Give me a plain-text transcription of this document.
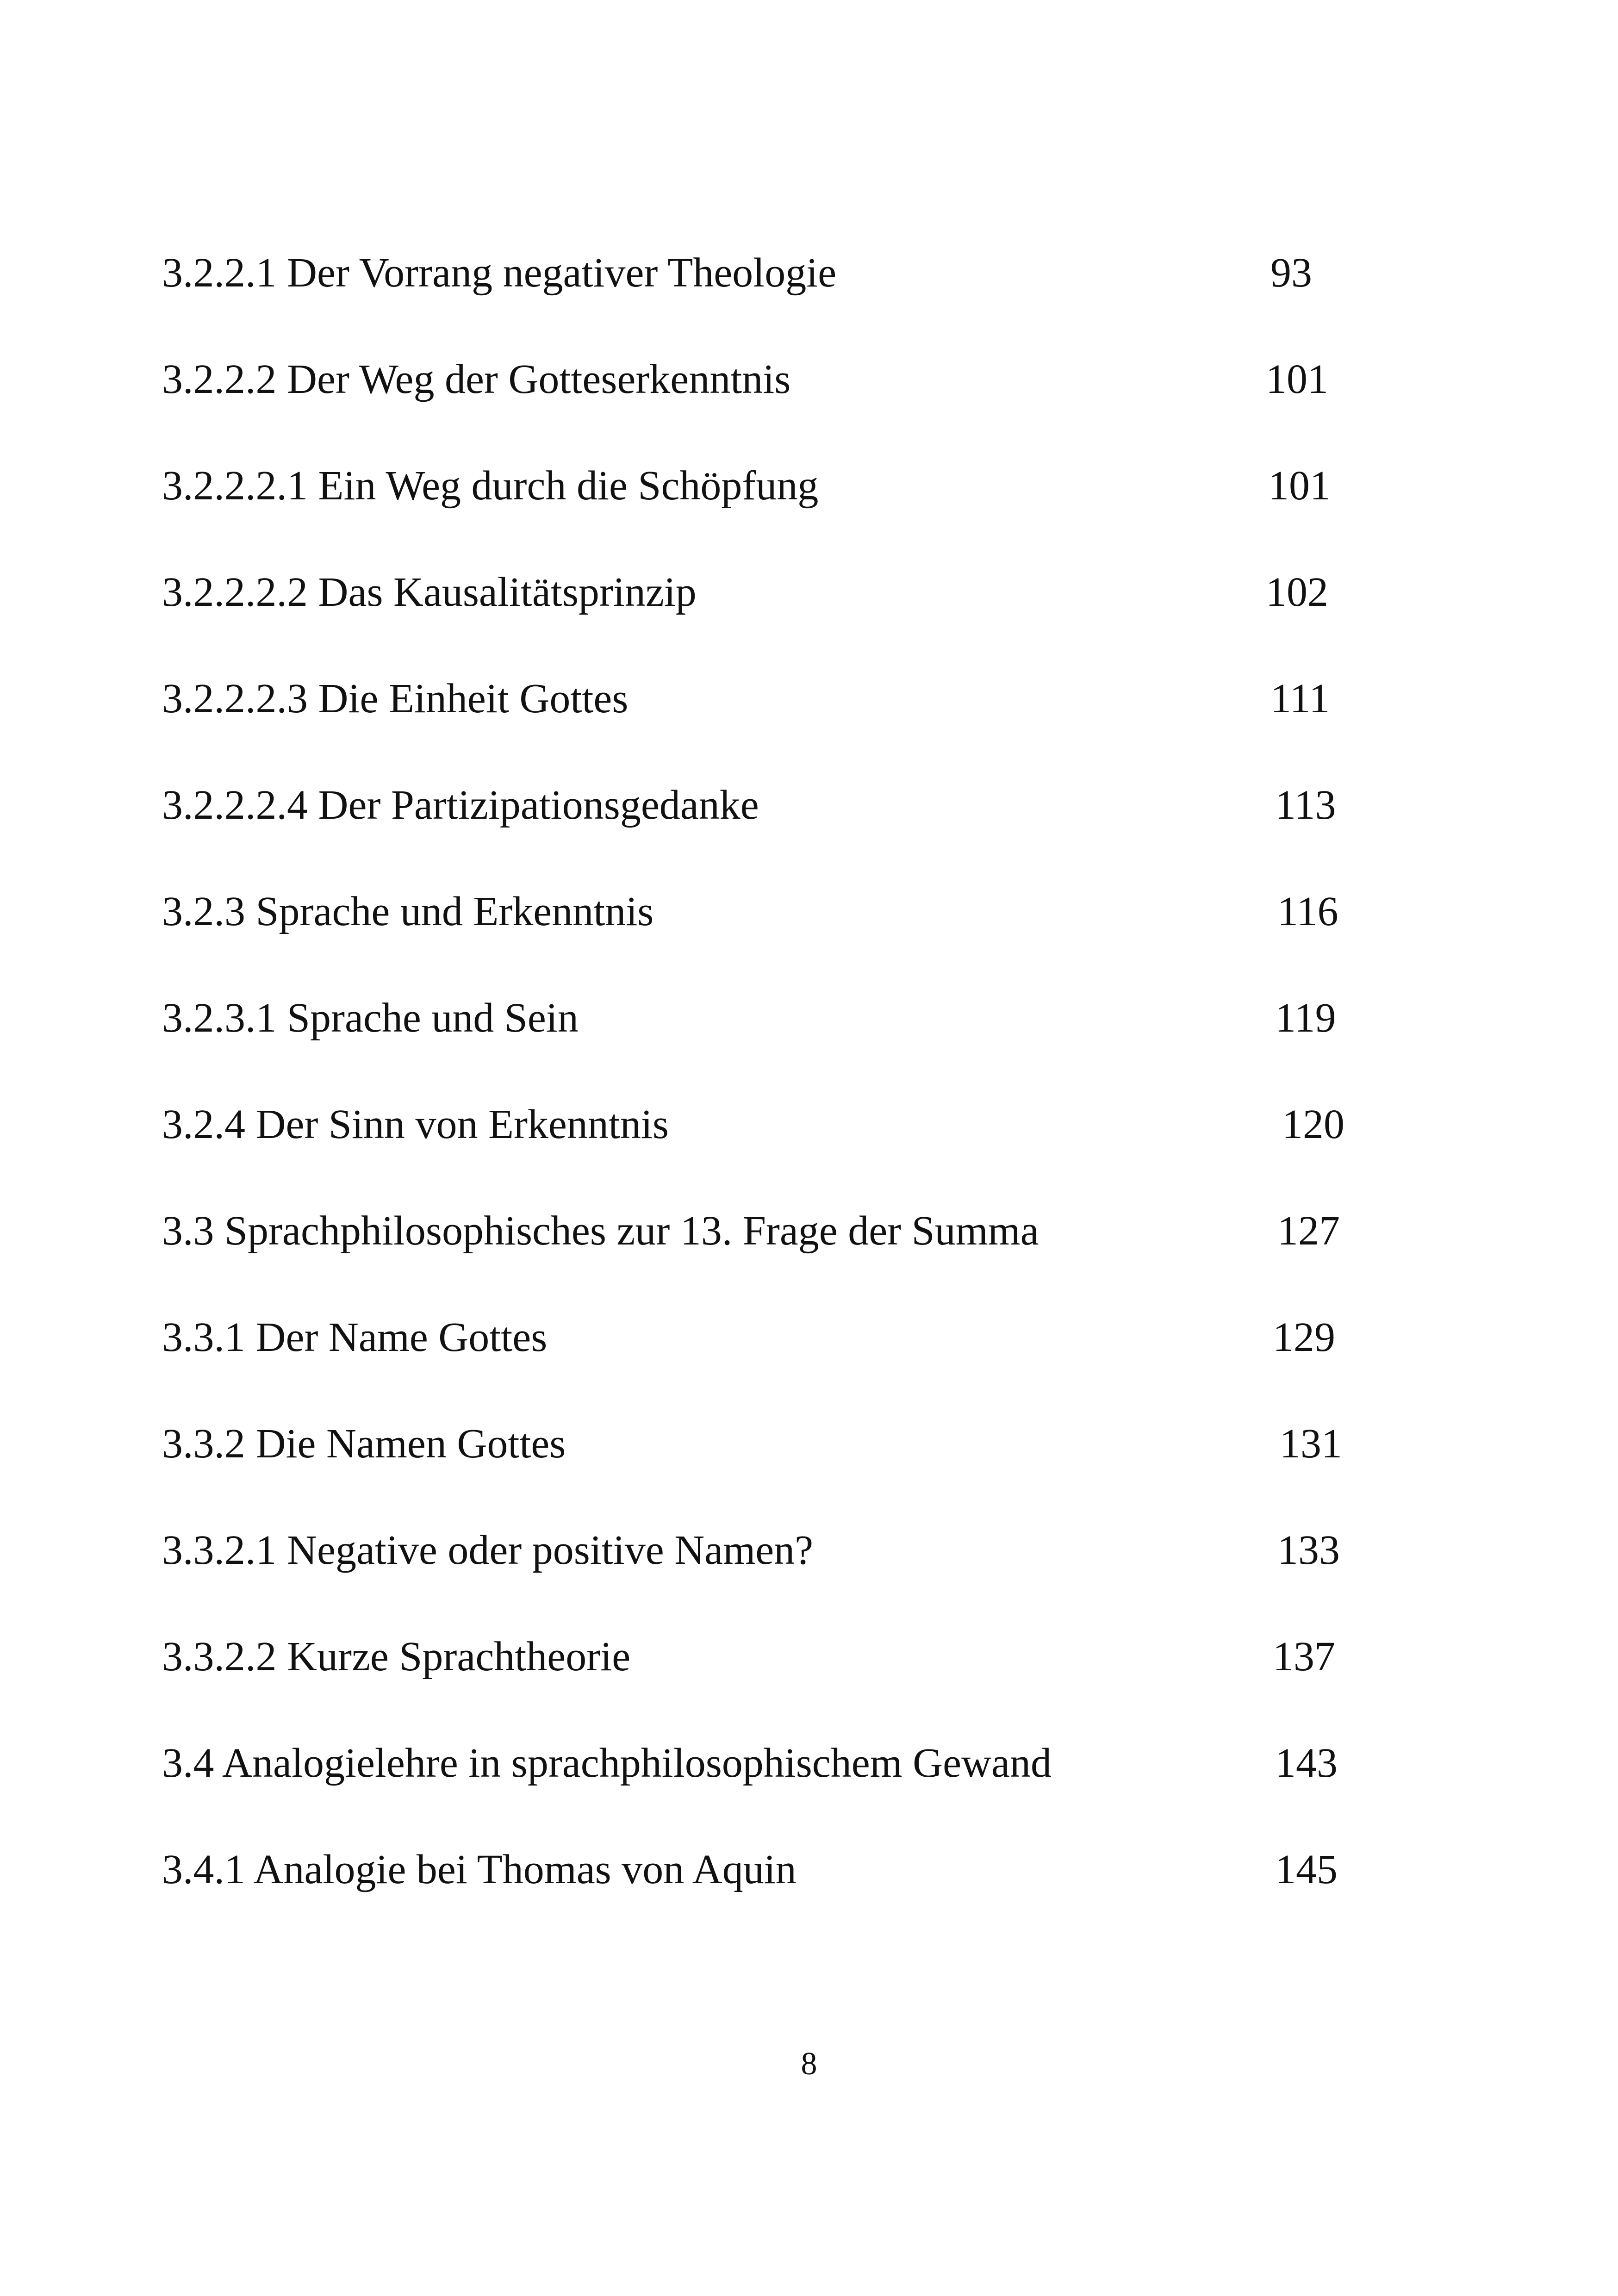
3.2.2.1 Der Vorrang negativer Theologie	93
3.2.2.2 Der Weg der Gotteserkenntnis	101
3.2.2.2.1 Ein Weg durch die Schöpfung	101
3.2.2.2.2 Das Kausalitätsprinzip	102
3.2.2.2.3 Die Einheit Gottes	111
3.2.2.2.4 Der Partizipationsgedanke	113
3.2.3 Sprache und Erkenntnis	116
3.2.3.1 Sprache und Sein	119
3.2.4 Der Sinn von Erkenntnis	120
3.3 Sprachphilosophisches zur 13. Frage der Summa	127
3.3.1 Der Name Gottes	129
3.3.2 Die Namen Gottes	131
3.3.2.1 Negative oder positive Namen?	133
3.3.2.2 Kurze Sprachtheorie	137
3.4 Analogielehre in sprachphilosophischem Gewand	143
3.4.1 Analogie bei Thomas von Aquin	145
8
